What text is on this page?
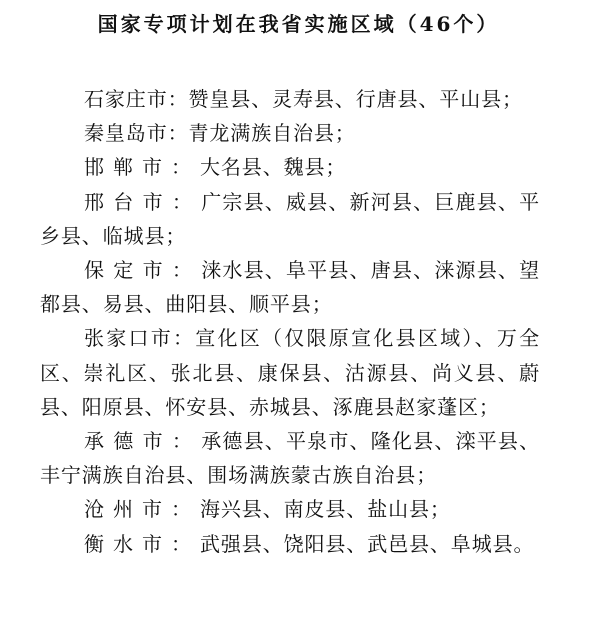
国家专项计划在我省实施区域（46个）

石家庄市：赞皇县、灵寿县、行唐县、平山县；

秦皇岛市：青龙满族自治县；

邯郸市：大名县、魏县；

邢台市：广宗县、威县、新河县、巨鹿县、平乡县、临城县；

保定市：涞水县、阜平县、唐县、涞源县、望都县、易县、曲阳县、顺平县；

张家口市：宣化区（仅限原宣化县区域）、万全区、崇礼区、张北县、康保县、沽源县、尚义县、蔚县、阳原县、怀安县、赤城县、涿鹿县赵家蓬区；

承德市：承德县、平泉市、隆化县、滦平县、丰宁满族自治县、围场满族蒙古族自治县；

沧州市：海兴县、南皮县、盐山县；

衡水市：武强县、饶阳县、武邑县、阜城县。
